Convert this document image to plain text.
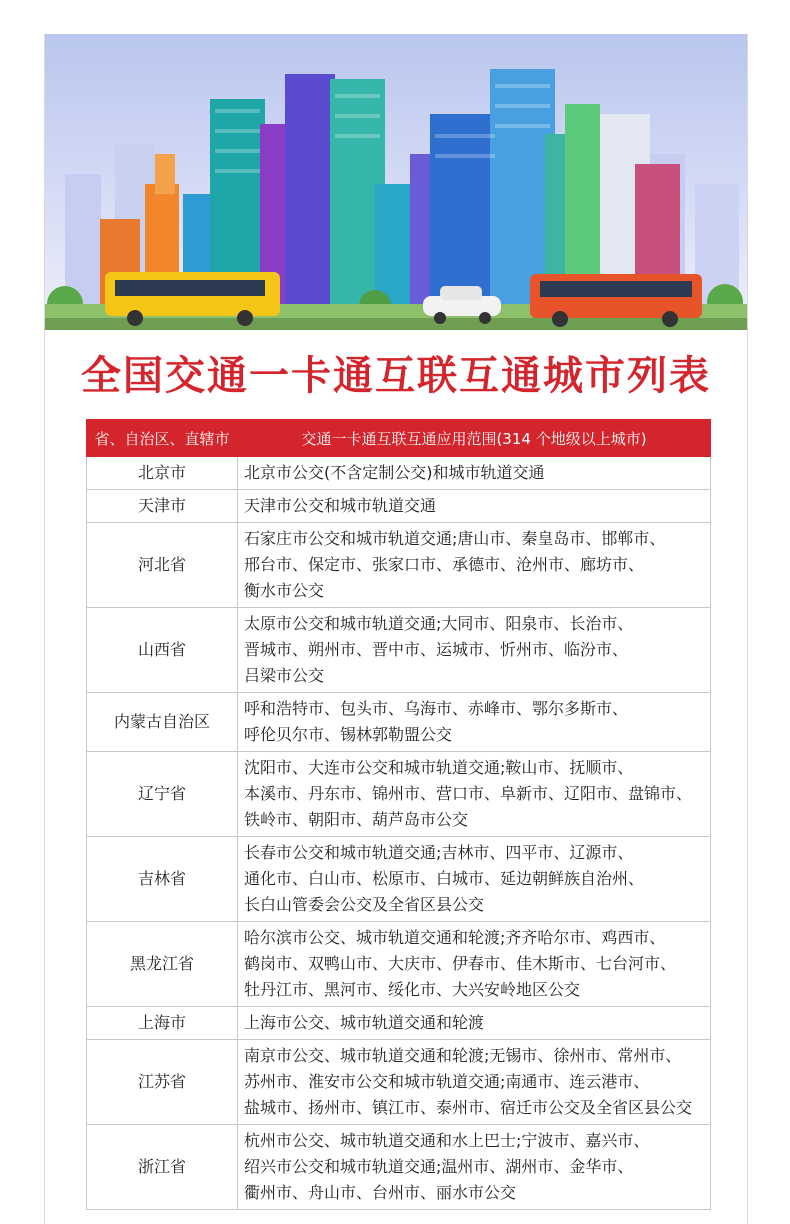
全国交通一卡通互联互通城市列表
省、自治区、直辖市	交通一卡通互联互通应用范围(314 个地级以上城市)
北京市	北京市公交(不含定制公交)和城市轨道交通

天津市	天津市公交和城市轨道交通

河北省	石家庄市公交和城市轨道交通;唐山市、秦皇岛市、邯郸市、
邢台市、保定市、张家口市、承德市、沧州市、廊坊市、
衡水市公交

山西省	太原市公交和城市轨道交通;大同市、阳泉市、长治市、
晋城市、朔州市、晋中市、运城市、忻州市、临汾市、
吕梁市公交

内蒙古自治区	呼和浩特市、包头市、乌海市、赤峰市、鄂尔多斯市、
呼伦贝尔市、锡林郭勒盟公交

辽宁省	沈阳市、大连市公交和城市轨道交通;鞍山市、抚顺市、
本溪市、丹东市、锦州市、营口市、阜新市、辽阳市、盘锦市、
铁岭市、朝阳市、葫芦岛市公交

吉林省	长春市公交和城市轨道交通;吉林市、四平市、辽源市、
通化市、白山市、松原市、白城市、延边朝鲜族自治州、
长白山管委会公交及全省区县公交

黑龙江省	哈尔滨市公交、城市轨道交通和轮渡;齐齐哈尔市、鸡西市、
鹤岗市、双鸭山市、大庆市、伊春市、佳木斯市、七台河市、
牡丹江市、黑河市、绥化市、大兴安岭地区公交

上海市	上海市公交、城市轨道交通和轮渡

江苏省	南京市公交、城市轨道交通和轮渡;无锡市、徐州市、常州市、
苏州市、淮安市公交和城市轨道交通;南通市、连云港市、
盐城市、扬州市、镇江市、泰州市、宿迁市公交及全省区县公交

浙江省	杭州市公交、城市轨道交通和水上巴士;宁波市、嘉兴市、
绍兴市公交和城市轨道交通;温州市、湖州市、金华市、
衢州市、舟山市、台州市、丽水市公交
